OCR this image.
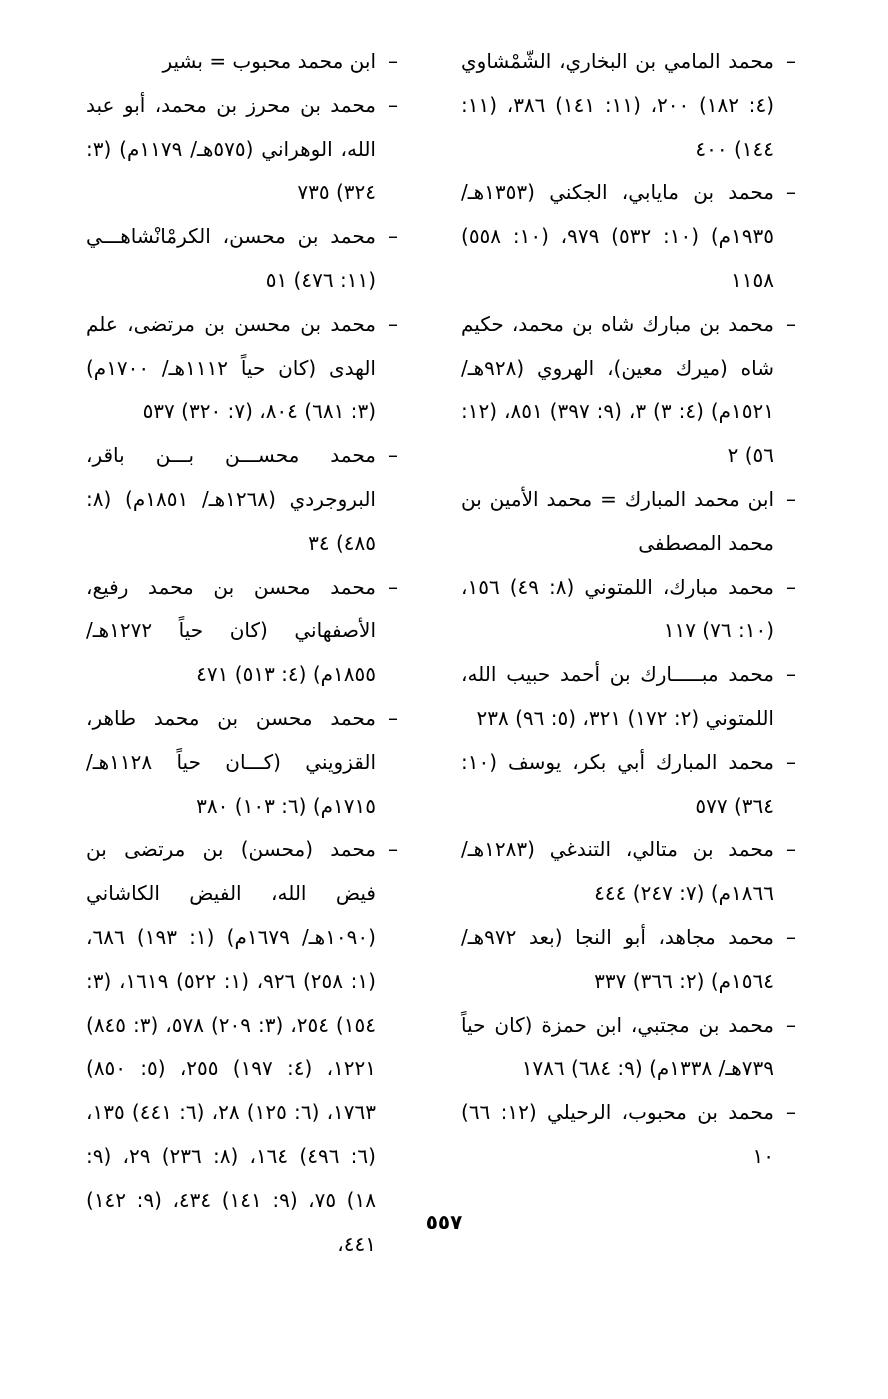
–
محمد المامي بن البخاري، الشّمْشاوي (٤: ١٨٢) ٢٠٠، (١١: ١٤١) ٣٨٦، (١١: ١٤٤) ٤٠٠

–
محمد بن مايابي، الجكني (١٣٥٣هـ/ ١٩٣٥م) (١٠: ٥٣٢) ٩٧٩، (١٠: ٥٥٨) ١١٥٨

–
محمد بن مبارك شاه بن محمد، حكيم شاه (ميرك معين)، الهروي (٩٢٨هـ/ ١٥٢١م) (٤: ٣) ٣، (٩: ٣٩٧) ٨٥١، (١٢: ٥٦) ٢

–
ابن محمد المبارك = محمد الأمين بن محمد المصطفى

–
محمد مبارك، اللمتوني (٨: ٤٩) ١٥٦، (١٠: ٧٦) ١١٧

–
محمد مبـــــارك بن أحمد حبيب الله، اللمتوني (٢: ١٧٢) ٣٢١، (٥: ٩٦) ٢٣٨

–
محمد المبارك أبي بكر، يوسف (١٠: ٣٦٤) ٥٧٧

–
محمد بن متالي، التندغي (١٢٨٣هـ/ ١٨٦٦م) (٧: ٢٤٧) ٤٤٤

–
محمد مجاهد، أبو النجا (بعد ٩٧٢هـ/ ١٥٦٤م) (٢: ٣٦٦) ٣٣٧

–
محمد بن مجتبي، ابن حمزة (كان حياً ٧٣٩هـ/ ١٣٣٨م) (٩: ٦٨٤) ١٧٨٦

–
محمد بن محبوب، الرحيلي (١٢: ٦٦) ١٠

–
ابن محمد محبوب = بشير

–
محمد بن محرز بن محمد، أبو عبد الله، الوهراني (٥٧٥هـ/ ١١٧٩م) (٣: ٣٢٤) ٧٣٥

–
محمد بن محسن، الكرمْانْشاهـــي (١١: ٤٧٦) ٥١

–
محمد بن محسن بن مرتضى، علم الهدى (كان حياً ١١١٢هـ/ ١٧٠٠م) (٣: ٦٨١) ٨٠٤، (٧: ٣٢٠) ٥٣٧

–
محمد محســـن بـــن باقر، البروجردي (١٢٦٨هـ/ ١٨٥١م) (٨: ٤٨٥) ٣٤

–
محمد محسن بن محمد رفيع، الأصفهاني (كان حياً ١٢٧٢هـ/ ١٨٥٥م) (٤: ٥١٣) ٤٧١

–
محمد محسن بن محمد طاهر، القزويني (كـــان حياً ١١٢٨هـ/ ١٧١٥م) (٦: ١٠٣) ٣٨٠

–
محمد (محسن) بن مرتضى بن فيض الله، الفيض الكاشاني (١٠٩٠هـ/ ١٦٧٩م) (١: ١٩٣) ٦٨٦، (١: ٢٥٨) ٩٢٦، (١: ٥٢٢) ١٦١٩، (٣: ١٥٤) ٢٥٤، (٣: ٢٠٩) ٥٧٨، (٣: ٨٤٥) ١٢٢١، (٤: ١٩٧) ٢٥٥، (٥: ٨٥٠) ١٧٦٣، (٦: ١٢٥) ٢٨، (٦: ٤٤١) ١٣٥، (٦: ٤٩٦) ١٦٤، (٨: ٢٣٦) ٢٩، (٩: ١٨) ٧٥، (٩: ١٤١) ٤٣٤، (٩: ١٤٢) ٤٤١،

٥٥٧
